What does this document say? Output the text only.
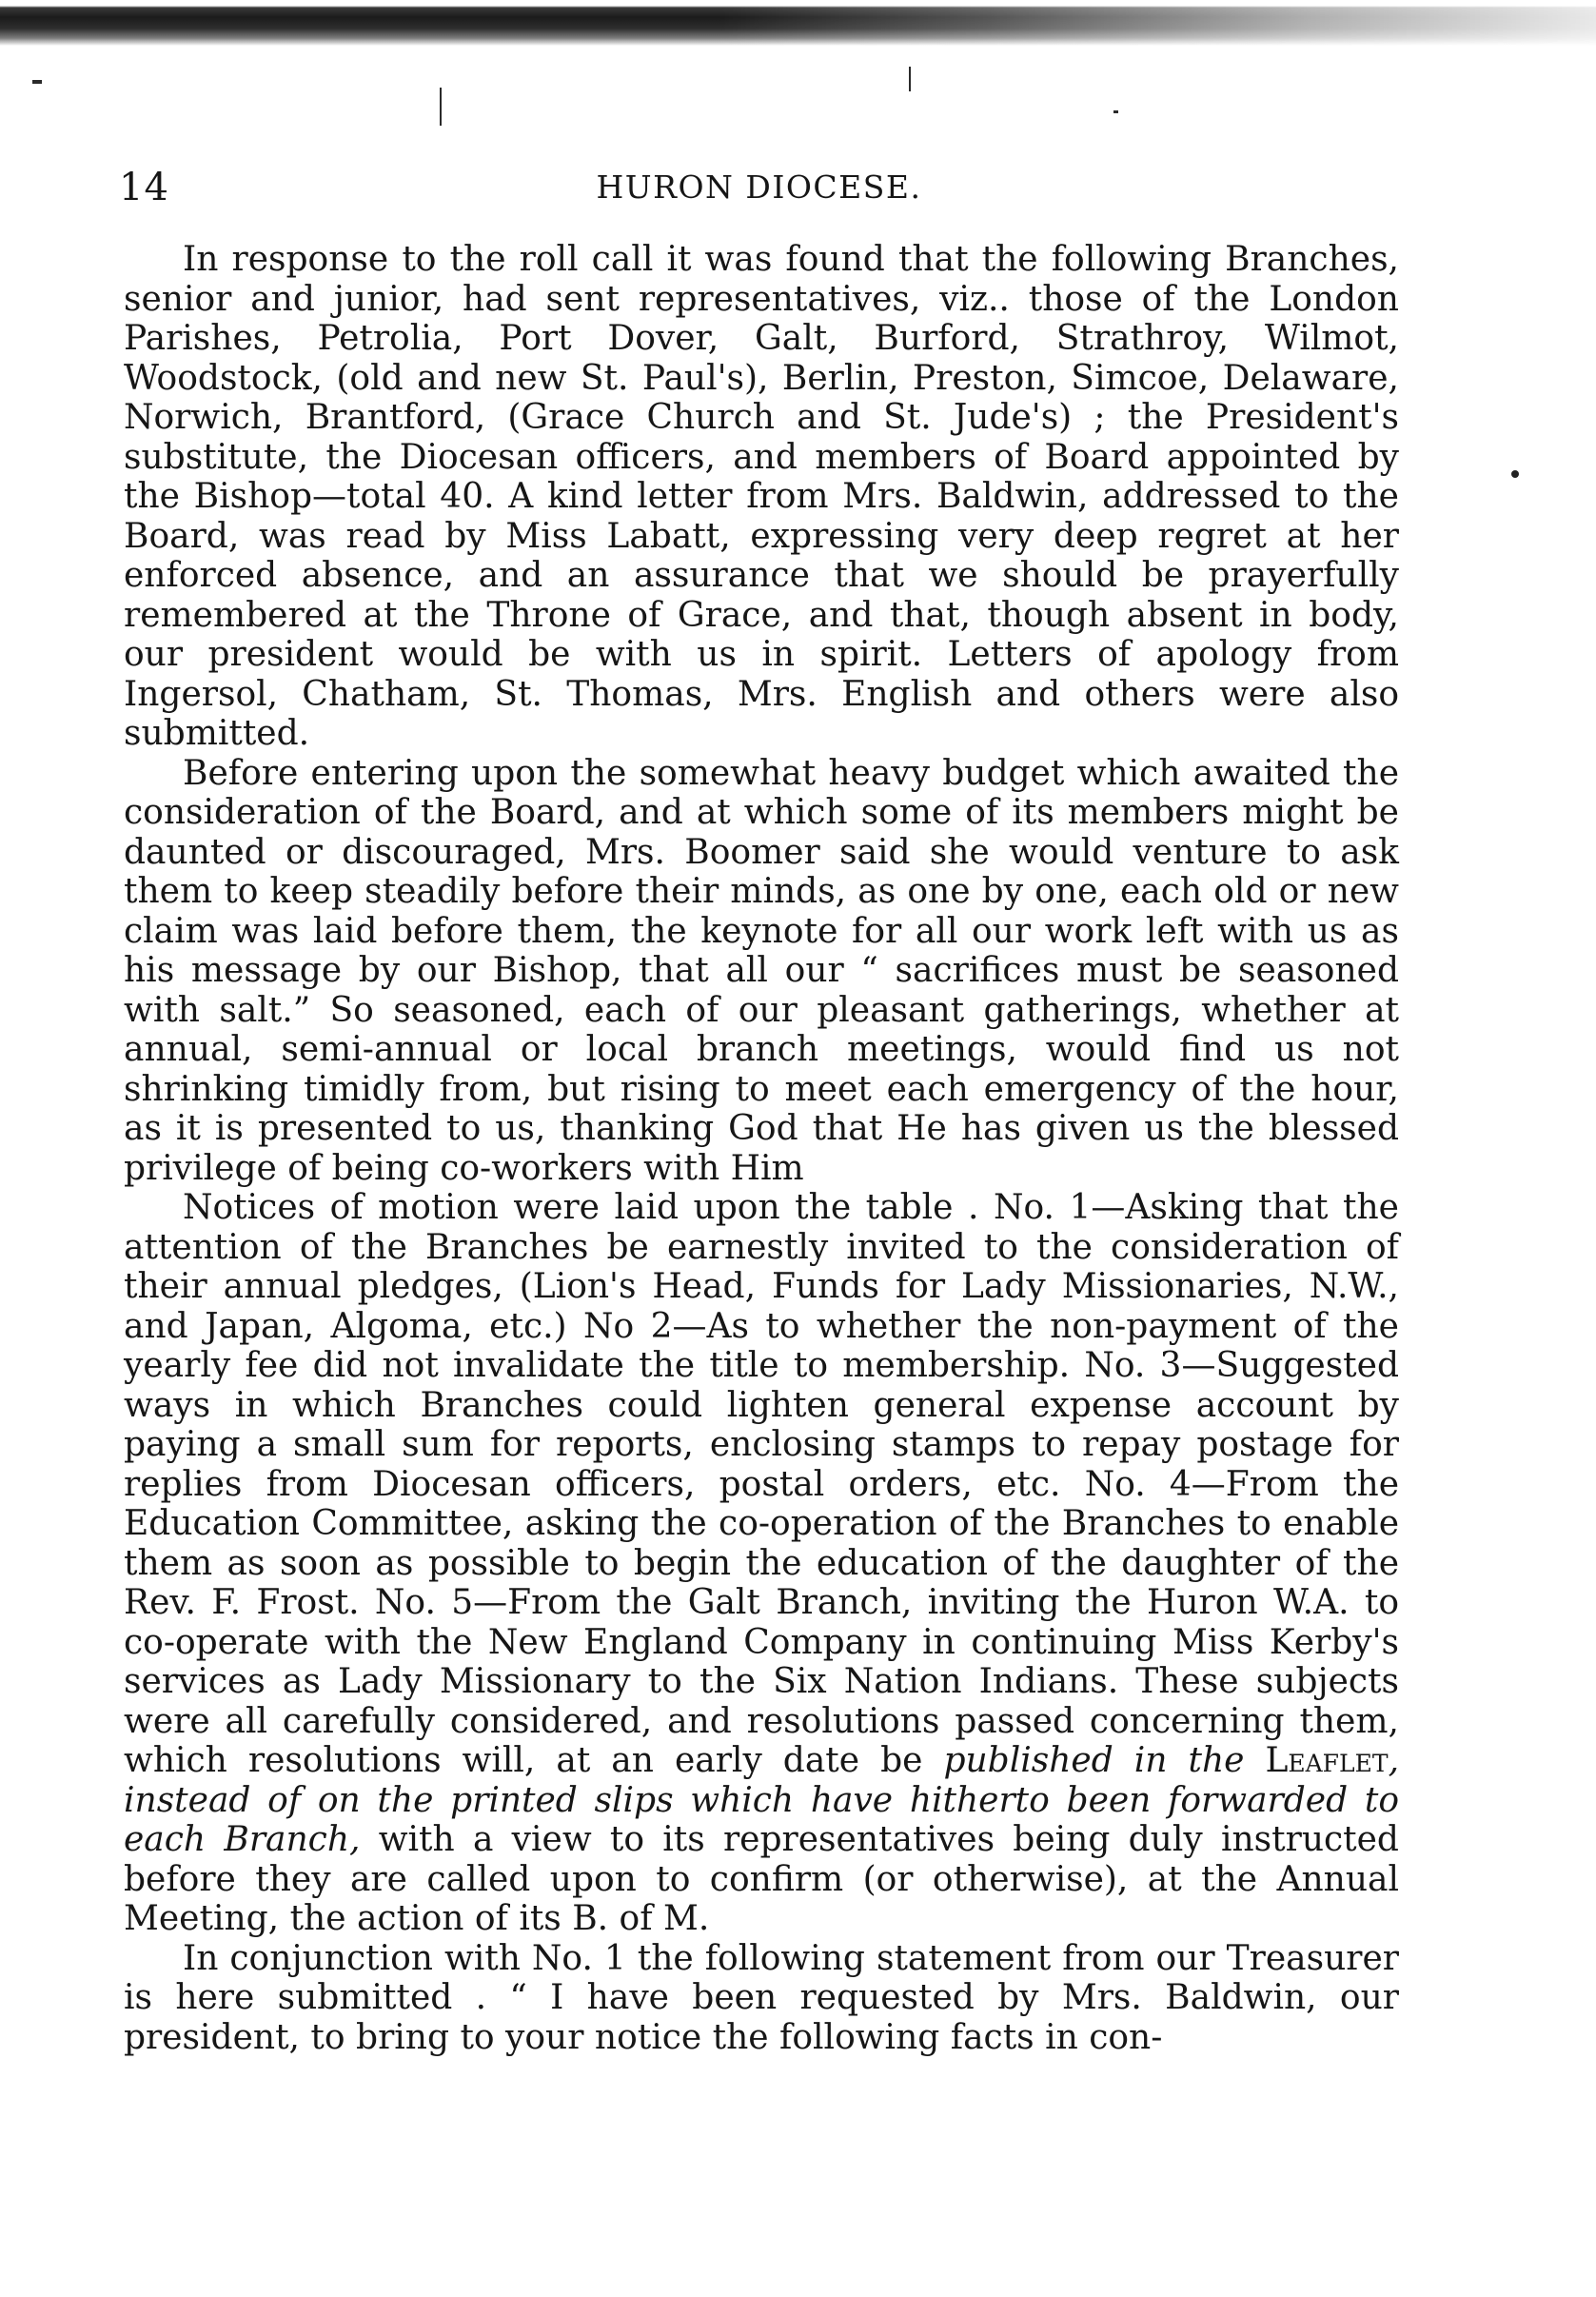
14	HURON DIOCESE.

In response to the roll call it was found that the following Branches, senior and junior, had sent representatives, viz.. those of the London Parishes, Petrolia, Port Dover, Galt, Burford, Strathroy, Wilmot, Woodstock, (old and new St. Paul's), Berlin, Preston, Simcoe, Delaware, Norwich, Brantford, (Grace Church and St. Jude's) ; the President's substitute, the Diocesan officers, and members of Board appointed by the Bishop—total 40. A kind letter from Mrs. Baldwin, addressed to the Board, was read by Miss Labatt, expressing very deep regret at her enforced absence, and an assurance that we should be prayerfully remembered at the Throne of Grace, and that, though absent in body, our president would be with us in spirit. Letters of apology from Ingersol, Chatham, St. Thomas, Mrs. English and others were also submitted.

Before entering upon the somewhat heavy budget which awaited the consideration of the Board, and at which some of its members might be daunted or discouraged, Mrs. Boomer said she would venture to ask them to keep steadily before their minds, as one by one, each old or new claim was laid before them, the keynote for all our work left with us as his message by our Bishop, that all our “ sacrifices must be seasoned with salt.” So seasoned, each of our pleasant gatherings, whether at annual, semi-annual or local branch meetings, would find us not shrinking timidly from, but rising to meet each emergency of the hour, as it is presented to us, thanking God that He has given us the blessed privilege of being co-workers with Him

Notices of motion were laid upon the table . No. 1—Asking that the attention of the Branches be earnestly invited to the consideration of their annual pledges, (Lion's Head, Funds for Lady Missionaries, N.W., and Japan, Algoma, etc.) No 2—As to whether the non-payment of the yearly fee did not invalidate the title to membership. No. 3—Suggested ways in which Branches could lighten general expense account by paying a small sum for reports, enclosing stamps to repay postage for replies from Diocesan officers, postal orders, etc. No. 4—From the Education Committee, asking the co-operation of the Branches to enable them as soon as possible to begin the education of the daughter of the Rev. F. Frost. No. 5—From the Galt Branch, inviting the Huron W.A. to co-operate with the New England Company in continuing Miss Kerby's services as Lady Missionary to the Six Nation Indians. These subjects were all carefully considered, and resolutions passed concerning them, which resolutions will, at an early date be published in the Leaflet, instead of on the printed slips which have hitherto been forwarded to each Branch, with a view to its representatives being duly instructed before they are called upon to confirm (or otherwise), at the Annual Meeting, the action of its B. of M.

In conjunction with No. 1 the following statement from our Treasurer is here submitted . “ I have been requested by Mrs. Baldwin, our president, to bring to your notice the following facts in con-
